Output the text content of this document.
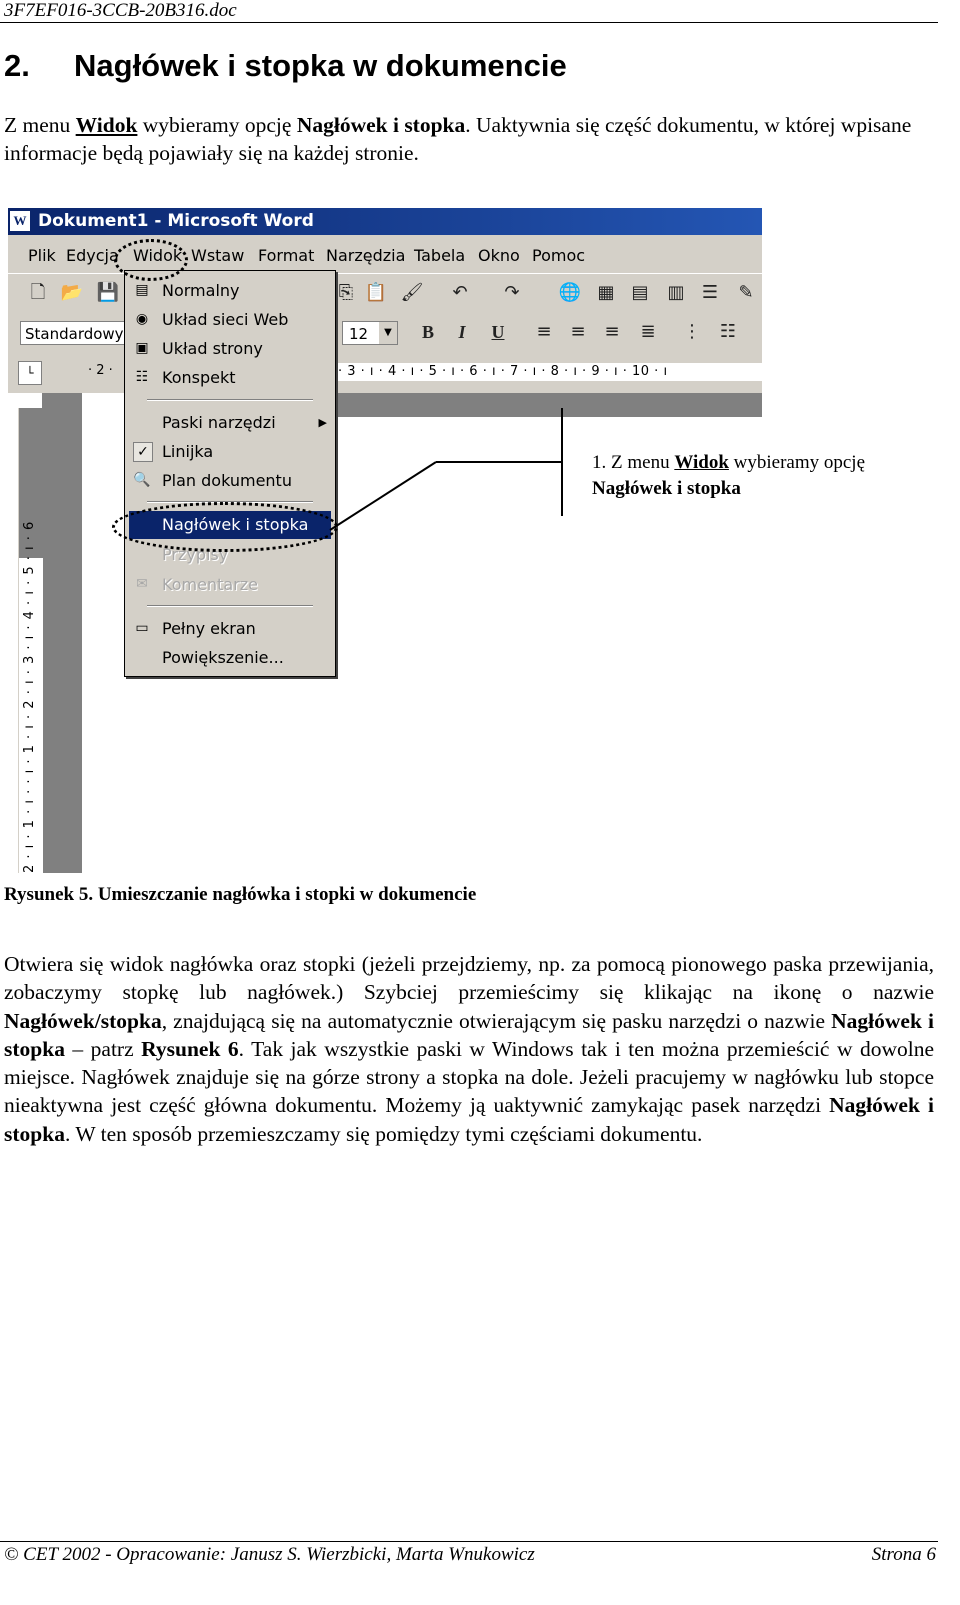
3F7EF016-3CCB-20B316.doc
2. Nagłówek i stopka w dokumencie
Z menu Widok wybieramy opcję Nagłówek i stopka. Uaktywnia się część dokumentu, w której wpisane informacje będą pojawiały się na każdej stronie.
W Dokument1 - Microsoft Word
Plik Edycja Widok Wstaw Format Narzędzia Tabela Okno Pomoc
🗋 📂 💾	⎘ 📋 🖌 ↶ ↷ 🌐 ▦ ▤ ▥ ☰ ✎
Standardowy	12	▼	B	I	U	≡ ≡ ≡ ≣ ⋮ ☷
└	· 2 ·	· 3 · ı · 4 · ı · 5 · ı · 6 · ı · 7 · ı · 8 · ı · 9 · ı · 10 · ı
2 · ı · 1 · ı · · ı · 1 · ı · 2 · ı · 3 · ı · 4 · ı · 5 · ı · 6
▤ Normalny
◉ Układ sieci Web
▣ Układ strony
☷ Konspekt
Paski narzędzi	▶
✓ Linijka
🔍 Plan dokumentu
Nagłówek i stopka
Przypisy
✉ Komentarze
▭ Pełny ekran
Powiększenie...
1. Z menu Widok wybieramy opcję
Nagłówek i stopka
Rysunek 5. Umieszczanie nagłówka i stopki w dokumencie
Otwiera się widok nagłówka oraz stopki (jeżeli przejdziemy, np. za pomocą pionowego paska przewijania, zobaczymy stopkę lub nagłówek.) Szybciej przemieścimy się klikając na ikonę o nazwie Nagłówek/stopka, znajdującą się na automatycznie otwierającym się pasku narzędzi o nazwie Nagłówek i stopka – patrz Rysunek 6. Tak jak wszystkie paski w Windows tak i ten można przemieścić w dowolne miejsce. Nagłówek znajduje się na górze strony a stopka na dole. Jeżeli pracujemy w nagłówku lub stopce nieaktywna jest część główna dokumentu. Możemy ją uaktywnić zamykając pasek narzędzi Nagłówek i stopka. W ten sposób przemieszczamy się pomiędzy tymi częściami dokumentu.
© CET 2002 - Opracowanie: Janusz S. Wierzbicki, Marta Wnukowicz	Strona 6
